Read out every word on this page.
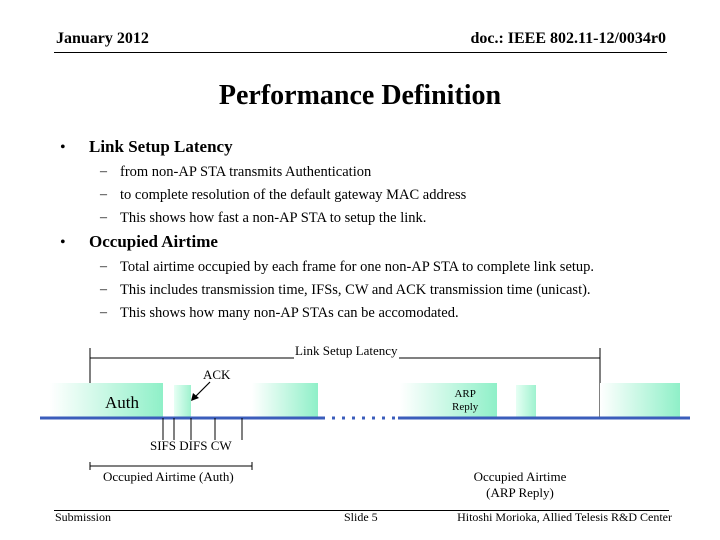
January 2012	doc.: IEEE 802.11-12/0034r0
Performance Definition
• Link Setup Latency
– from non-AP STA transmits Authentication
– to complete resolution of the default gateway MAC address
– This shows how fast a non-AP STA to setup the link.
• Occupied Airtime
– Total airtime occupied by each frame for one non-AP STA to complete link setup.
– This includes transmission time, IFSs, CW and ACK transmission time (unicast).
– This shows how many non-AP STAs can be accomodated.
Link Setup Latency
ACK
Auth	ARP
Reply
SIFS DIFS CW
Occupied Airtime (Auth)	Occupied Airtime
(ARP Reply)
Submission	Slide 5	Hitoshi Morioka, Allied Telesis R&D Center
